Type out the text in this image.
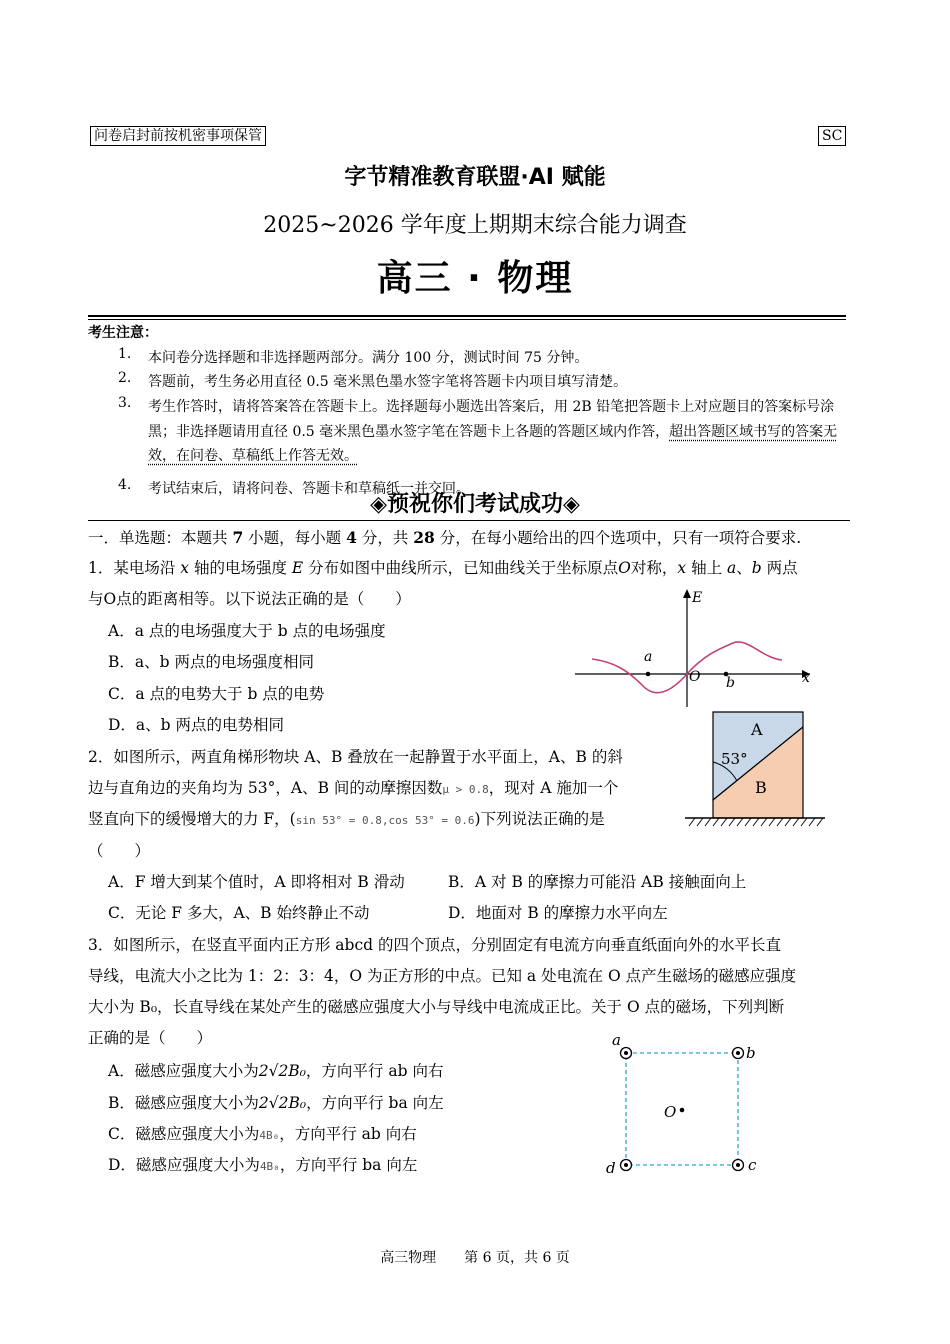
问卷启封前按机密事项保管	SC
字节精准教育联盟·AI 赋能
2025~2026 学年度上期期末综合能力调查
高三 · 物理
考生注意：
1. 本问卷分选择题和非选择题两部分。满分 100 分，测试时间 75 分钟。
2. 答题前，考生务必用直径 0.5 毫米黑色墨水签字笔将答题卡内项目填写清楚。
3. 考生作答时，请将答案答在答题卡上。选择题每小题选出答案后，用 2B 铅笔把答题卡上对应题目的答案标号涂黑；非选择题请用直径 0.5 毫米黑色墨水签字笔在答题卡上各题的答题区域内作答，超出答题区域书写的答案无效，在问卷、草稿纸上作答无效。
4. 考试结束后，请将问卷、答题卡和草稿纸一并交回。
◈预祝你们考试成功◈
一．单选题：本题共 7 小题，每小题 4 分，共 28 分，在每小题给出的四个选项中，只有一项符合要求.
1．某电场沿 x 轴的电场强度 E 分布如图中曲线所示，已知曲线关于坐标原点O对称，x 轴上 a、b 两点
与O点的距离相等。以下说法正确的是（　　）
A．a 点的电场强度大于 b 点的电场强度
B．a、b 两点的电场强度相同
C．a 点的电势大于 b 点的电势
D．a、b 两点的电势相同
E
a
O b	x
2．如图所示，两直角梯形物块 A、B 叠放在一起静置于水平面上，A、B 的斜
边与直角边的夹角均为 53°，A、B 间的动摩擦因数μ > 0.8，现对 A 施加一个
竖直向下的缓慢增大的力 F，(sin 53° = 0.8,cos 53° = 0.6)下列说法正确的是
（　　）
A．F 增大到某个值时，A 即将相对 B 滑动	B．A 对 B 的摩擦力可能沿 AB 接触面向上
C．无论 F 多大，A、B 始终静止不动	D．地面对 B 的摩擦力水平向左
A
B
53°
3．如图所示，在竖直平面内正方形 abcd 的四个顶点，分别固定有电流方向垂直纸面向外的水平长直
导线，电流大小之比为 1：2：3：4，O 为正方形的中点。已知 a 处电流在 O 点产生磁场的磁感应强度
大小为 B₀，长直导线在某处产生的磁感应强度大小与导线中电流成正比。关于 O 点的磁场，下列判断
正确的是（　　）
A．磁感应强度大小为2√2B₀，方向平行 ab 向右
B．磁感应强度大小为2√2B₀，方向平行 ba 向左
C．磁感应强度大小为4B₀，方向平行 ab 向右
D．磁感应强度大小为4B₀，方向平行 ba 向左
a
b
c
d
O
高三物理　　第 6 页，共 6 页
